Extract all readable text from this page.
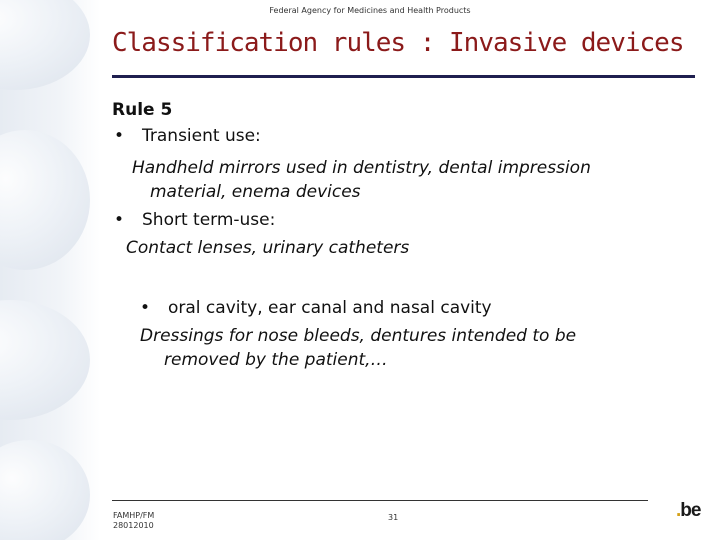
Federal Agency for Medicines and Health Products
Classification rules : Invasive devices
Rule 5
• Transient use:
Handheld mirrors used in dentistry, dental impression
material, enema devices
• Short term-use:
Contact lenses, urinary catheters
• oral cavity, ear canal and nasal cavity
Dressings for nose bleeds, dentures intended to be
removed by the patient,…
FAMHP/FM
28012010
31	.be
